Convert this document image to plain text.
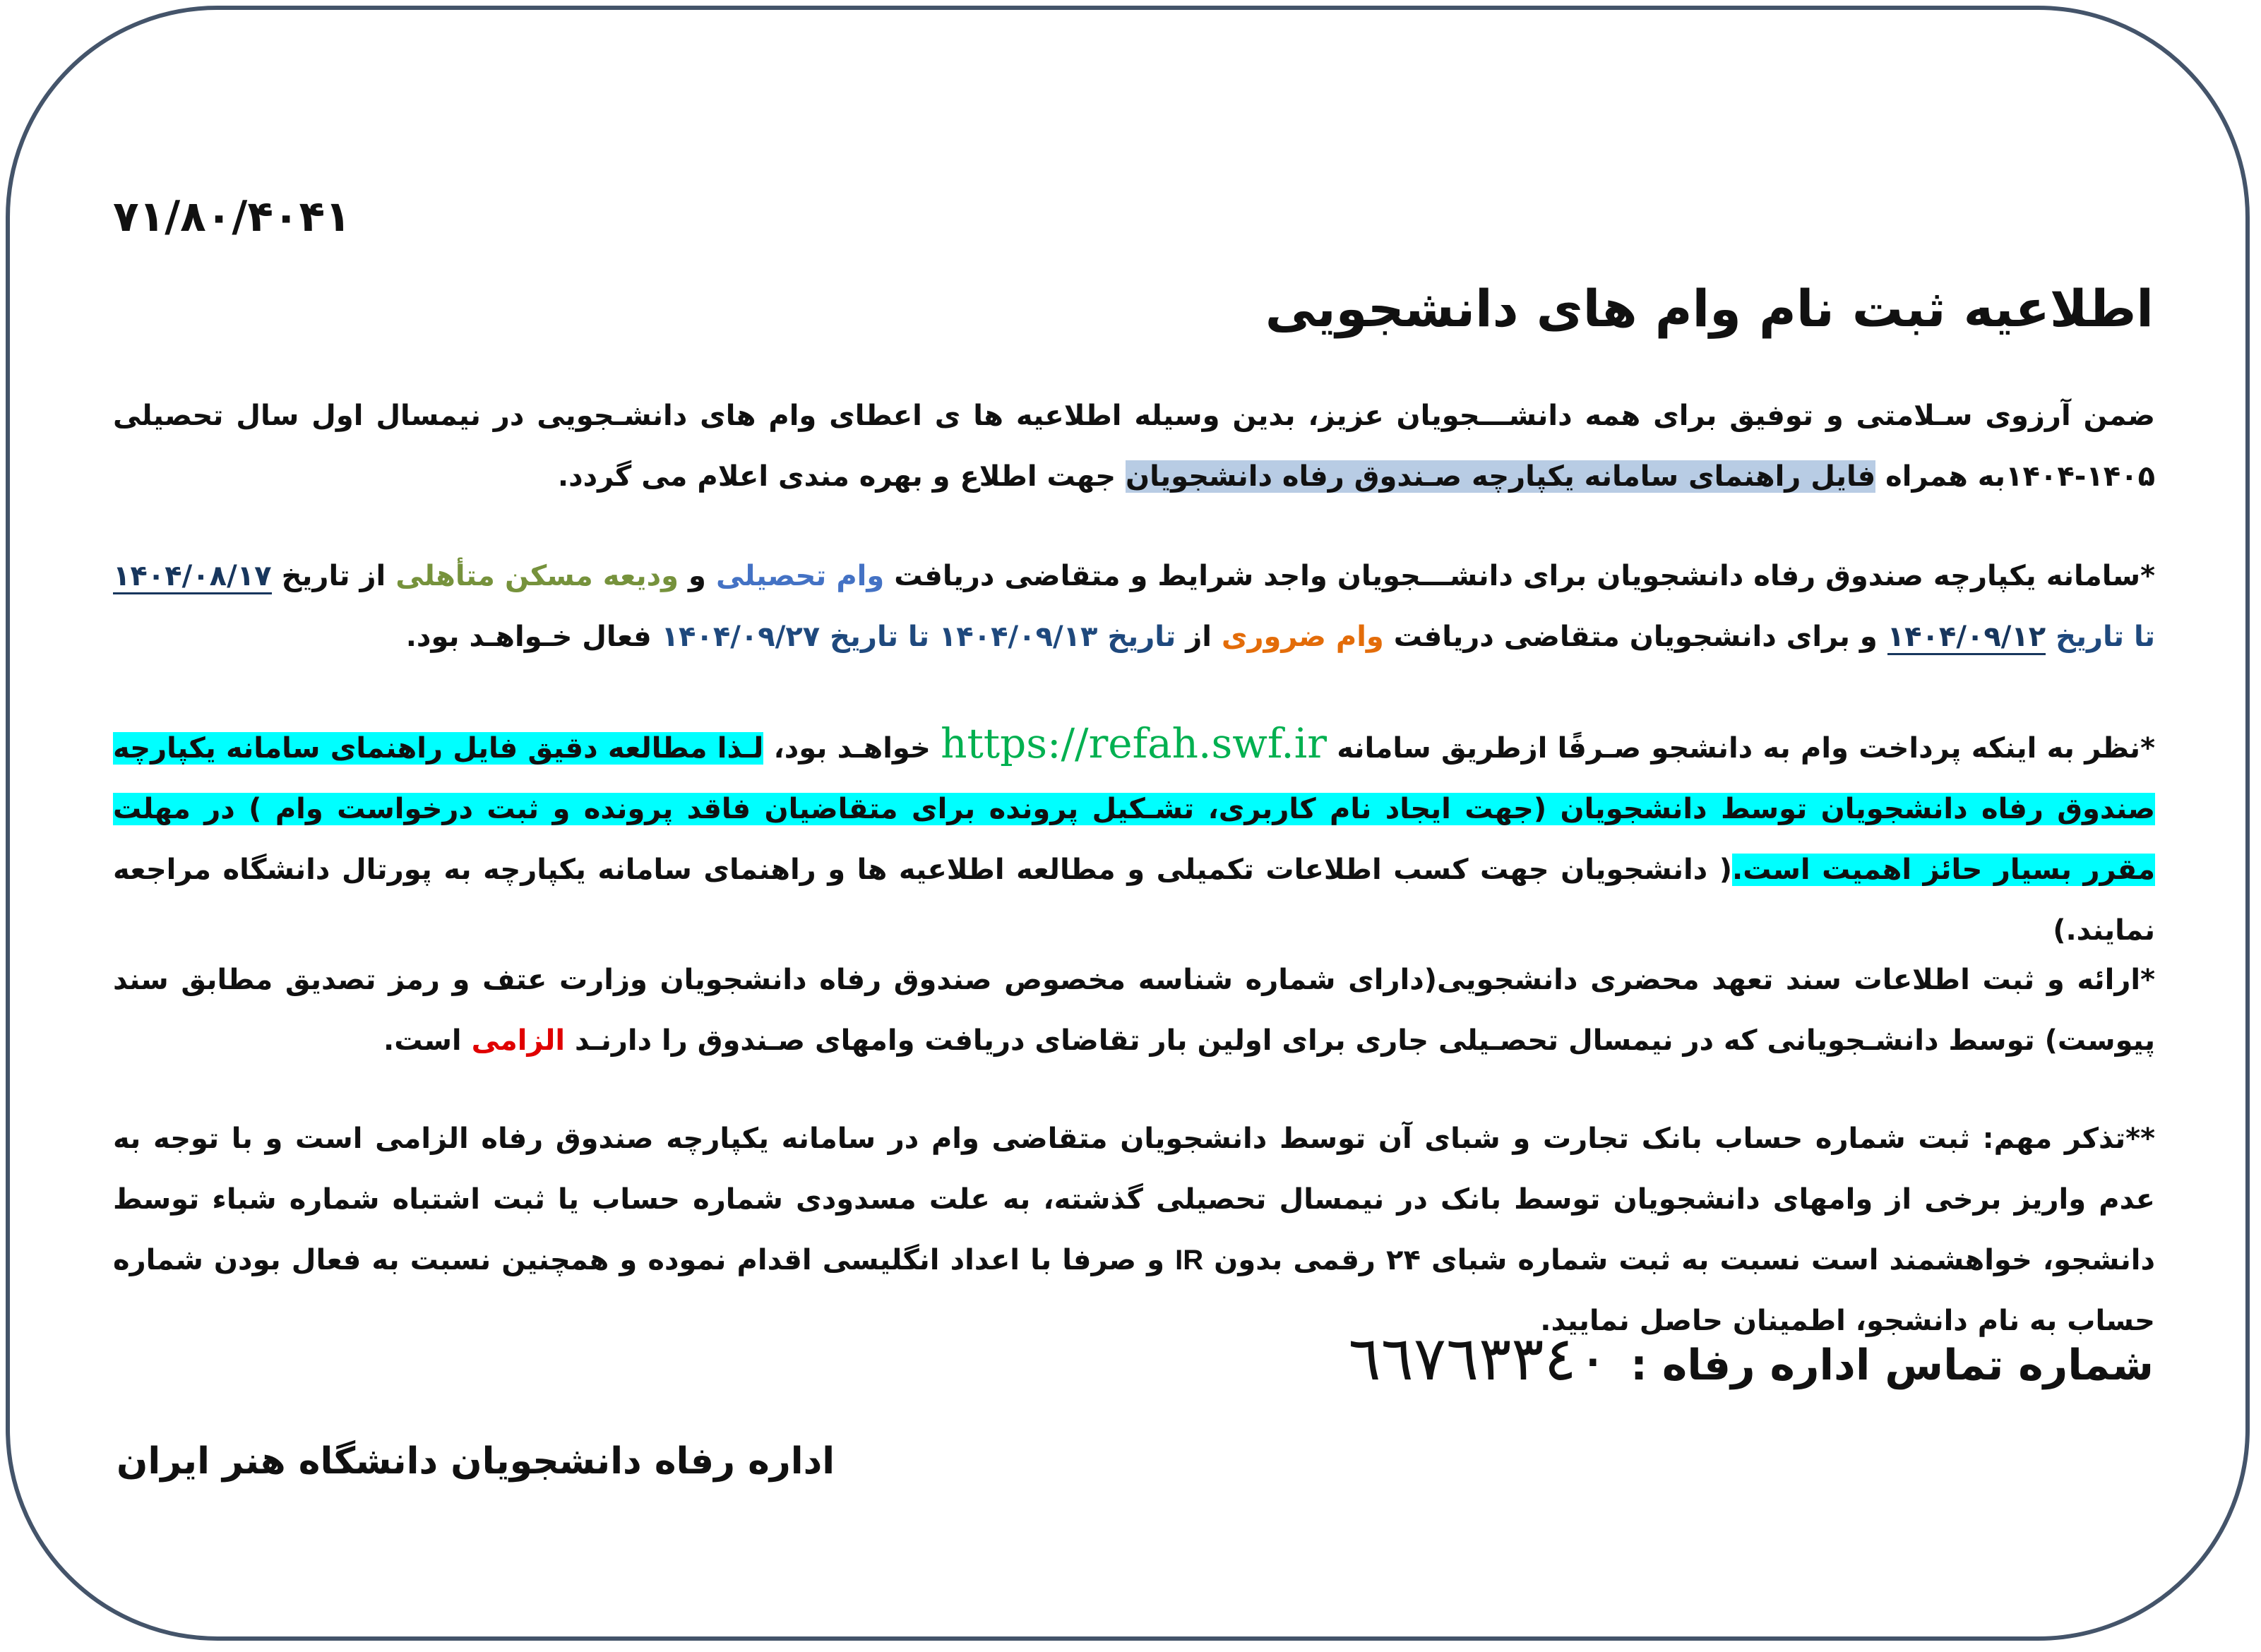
۱۴۰۴/۰۸/۱۷
اطلاعیه ثبت نام وام های دانشجویی
ضمن آرزوی سـلامتی و توفیق برای همه دانشـــجویان عزیز، بدین وسیله اطلاعیه ها ی اعطای وام های دانشـجویی در نیمسال اول سال تحصیلی ۱۴۰۵-۱۴۰۴به همراه فایل راهنمای سامانه یکپارچه صـندوق رفاه دانشجویان جهت اطلاع و بهره مندی اعلام می گردد.
*سامانه یکپارچه صندوق رفاه دانشجویان برای دانشـــجویان واجد شرایط و متقاضی دریافت وام تحصیلی و ودیعه مسکن متأهلی از تاریخ ۱۴۰۴/۰۸/۱۷ تا تاریخ ۱۴۰۴/۰۹/۱۲ و برای دانشجویان متقاضی دریافت وام ضروری از تاریخ ۱۴۰۴/۰۹/۱۳ تا تاریخ ۱۴۰۴/۰۹/۲۷ فعال خـواهـد بود.
*نظر به اینکه پرداخت وام به دانشجو صـرفًا ازطریق سامانه https://refah.swf.ir خواهـد بود، لـذا مطالعه دقیق فایل راهنمای سامانه یکپارچه صندوق رفاه دانشجویان توسط دانشجویان (جهت ایجاد نام کاربری، تشـکیل پرونده برای متقاضیان فاقد پرونده و ثبت درخواست وام ) در مهلت مقرر بسیار حائز اهمیت است.( دانشجویان جهت کسب اطلاعات تکمیلی و مطالعه اطلاعیه ها و راهنمای سامانه یکپارچه به پورتال دانشگاه مراجعه نمایند.)
*ارائه و ثبت اطلاعات سند تعهد محضری دانشجویی(دارای شماره شناسه مخصوص صندوق رفاه دانشجویان وزارت عتف و رمز تصدیق مطابق سند پیوست) توسط دانشـجویانی که در نیمسال تحصـیلی جاری برای اولین بار تقاضای دریافت وامهای صـندوق را دارنـد الزامی است.
**تذکر مهم: ثبت شماره حساب بانک تجارت و شبای آن توسط دانشجویان متقاضی وام در سامانه یکپارچه صندوق رفاه الزامی است و با توجه به عدم واریز برخی از وامهای دانشجویان توسط بانک در نیمسال تحصیلی گذشته، به علت مسدودی شماره حساب یا ثبت اشتباه شماره شباء توسط دانشجو، خواهشمند است نسبت به ثبت شماره شبای ۲۴ رقمی بدون IR و صرفا با اعداد انگلیسی اقدام نموده و همچنین نسبت به فعال بودن شماره حساب به نام دانشجو، اطمینان حاصل نمایید.
شماره تماس اداره رفاه :٦٦٧٦٣٣٤٠
اداره رفاه دانشجویان دانشگاه هنر ایران
